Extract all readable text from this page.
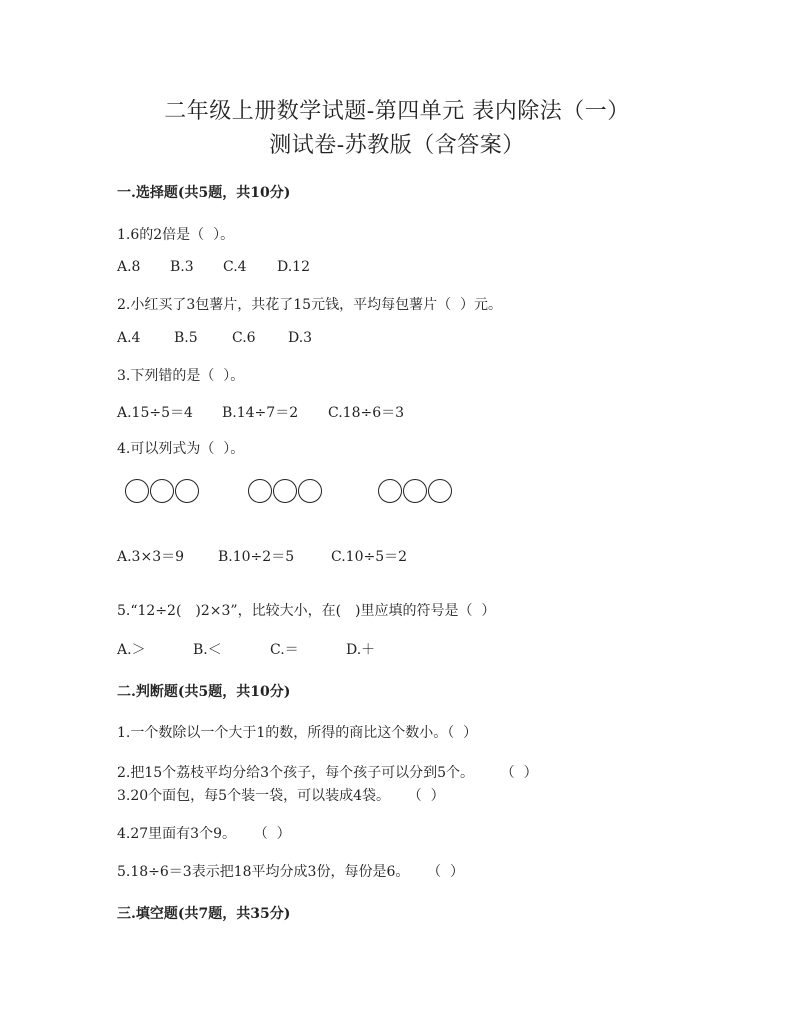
二年级上册数学试题-第四单元 表内除法（一）
测试卷-苏教版（含答案）
一.选择题(共5题，共10分)
1.6的2倍是（  ）。
A.8 B.3 C.4 D.12
2.小红买了3包薯片，共花了15元钱，平均每包薯片（  ）元。
A.4 B.5 C.6 D.3
3.下列错的是（  ）。
A.15÷5＝4 B.14÷7＝2 C.18÷6＝3
4.可以列式为（  ）。
A.3×3＝9 B.10÷2＝5	C.10÷5＝2
5.“12÷2(　)2×3”，比较大小，在(　)里应填的符号是（  ）
A.＞	B.＜	C.＝	D.＋
二.判断题(共5题，共10分)
1.一个数除以一个大于1的数，所得的商比这个数小。（  ）
2.把15个荔枝平均分给3个孩子，每个孩子可以分到5个。      （  ）
3.20个面包，每5个装一袋，可以装成4袋。    （  ）
4.27里面有3个9。    （  ）
5.18÷6＝3表示把18平均分成3份，每份是6。    （  ）
三.填空题(共7题，共35分)
